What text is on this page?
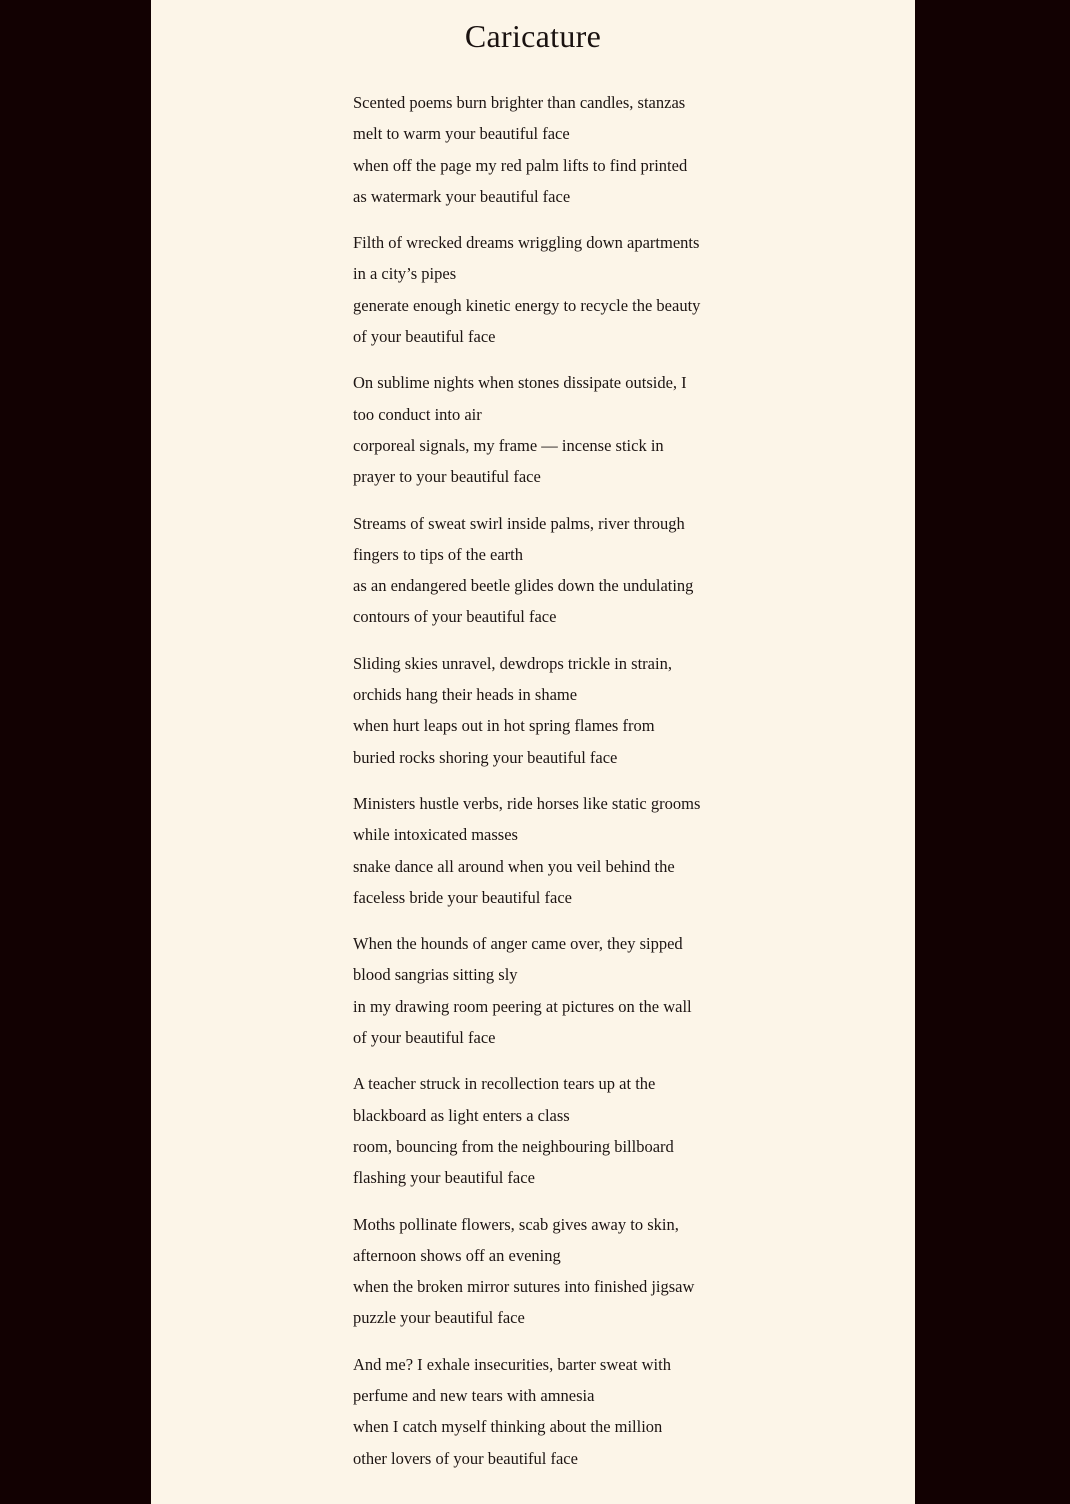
Caricature
Scented poems burn brighter than candles, stanzas
melt to warm your beautiful face
when off the page my red palm lifts to find printed
as watermark your beautiful face
Filth of wrecked dreams wriggling down apartments
in a city’s pipes
generate enough kinetic energy to recycle the beauty
of your beautiful face
On sublime nights when stones dissipate outside, I
too conduct into air
corporeal signals, my frame — incense stick in
prayer to your beautiful face
Streams of sweat swirl inside palms, river through
fingers to tips of the earth
as an endangered beetle glides down the undulating
contours of your beautiful face
Sliding skies unravel, dewdrops trickle in strain,
orchids hang their heads in shame
when hurt leaps out in hot spring flames from
buried rocks shoring your beautiful face
Ministers hustle verbs, ride horses like static grooms
while intoxicated masses
snake dance all around when you veil behind the
faceless bride your beautiful face
When the hounds of anger came over, they sipped
blood sangrias sitting sly
in my drawing room peering at pictures on the wall
of your beautiful face
A teacher struck in recollection tears up at the
blackboard as light enters a class
room, bouncing from the neighbouring billboard
flashing your beautiful face
Moths pollinate flowers, scab gives away to skin,
afternoon shows off an evening
when the broken mirror sutures into finished jigsaw
puzzle your beautiful face
And me? I exhale insecurities, barter sweat with
perfume and new tears with amnesia
when I catch myself thinking about the million
other lovers of your beautiful face
